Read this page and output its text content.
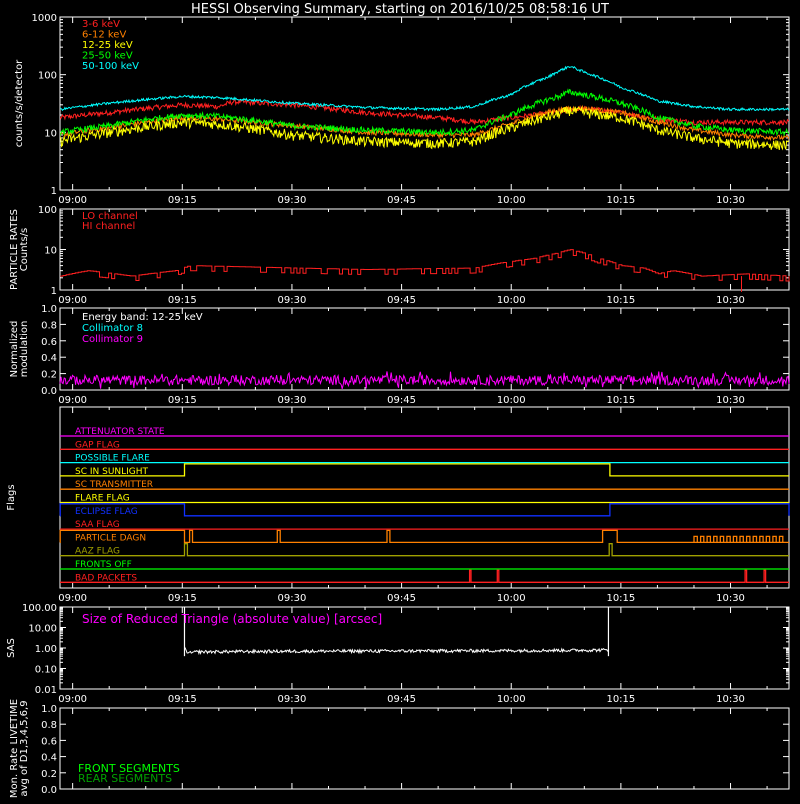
HESSI Observing Summary, starting on 2016/10/25 08:58:16 UT
09:00	09:15	09:30	09:45	10:00	10:15	10:30
1
10
100
1000
counts/s/detector
3-6 keV
6-12 keV
12-25 keV
25-50 keV
50-100 keV
09:00	09:15	09:30	09:45	10:00	10:15	10:30
1
10
100
PARTICLE RATES Counts/s
LO channel
HI channel
09:00	09:15	09:30	09:45	10:00	10:15	10:30
0.0
0.2
0.4
0.6
0.8
1.0
Normalized modulation
Energy band: 12-25 keV
Collimator 8
Collimator 9
09:00	09:15	09:30	09:45	10:00	10:15	10:30
Flags
ATTENUATOR STATE
GAP FLAG
POSSIBLE FLARE
SC IN SUNLIGHT
SC TRANSMITTER
FLARE FLAG
ECLIPSE FLAG
SAA FLAG
PARTICLE DAGN
AAZ FLAG
FRONTS OFF
BAD PACKETS
09:00	09:15	09:30	09:45	10:00	10:15	10:30
0.01
0.10
1.00
10.00
100.00
SAS
Size of Reduced Triangle (absolute value) [arcsec]
0.0
0.2
0.4
0.6
0.8
1.0
Mon. Rate LIVETIME avg of D1,3,4,5,6,9	FRONT SEGMENTS
REAR SEGMENTS
